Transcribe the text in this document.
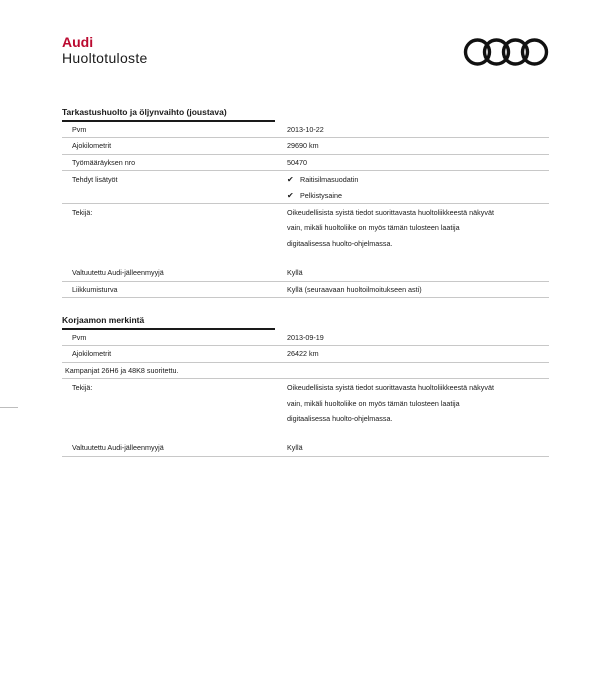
Audi
Huoltotuloste
Tarkastushuolto ja öljynvaihto (joustava)
Pvm	2013-10-22
Ajokilometrit	29690 km
Työmääräyksen nro	50470
Tehdyt lisätyöt	✔ Raitisilmasuodatin
✔ Pelkistysaine
Tekijä:	Oikeudellisista syistä tiedot suorittavasta huoltoliikkeestä näkyvät
vain, mikäli huoltoliike on myös tämän tulosteen laatija
digitaalisessa huolto-ohjelmassa.
Valtuutettu Audi-jälleenmyyjä	Kyllä
Liikkumisturva	Kyllä (seuraavaan huoltoilmoitukseen asti)
Korjaamon merkintä
Pvm	2013-09-19
Ajokilometrit	26422 km
Kampanjat 26H6 ja 48K8 suoritettu.
Tekijä:	Oikeudellisista syistä tiedot suorittavasta huoltoliikkeestä näkyvät
vain, mikäli huoltoliike on myös tämän tulosteen laatija
digitaalisessa huolto-ohjelmassa.
Valtuutettu Audi-jälleenmyyjä	Kyllä
